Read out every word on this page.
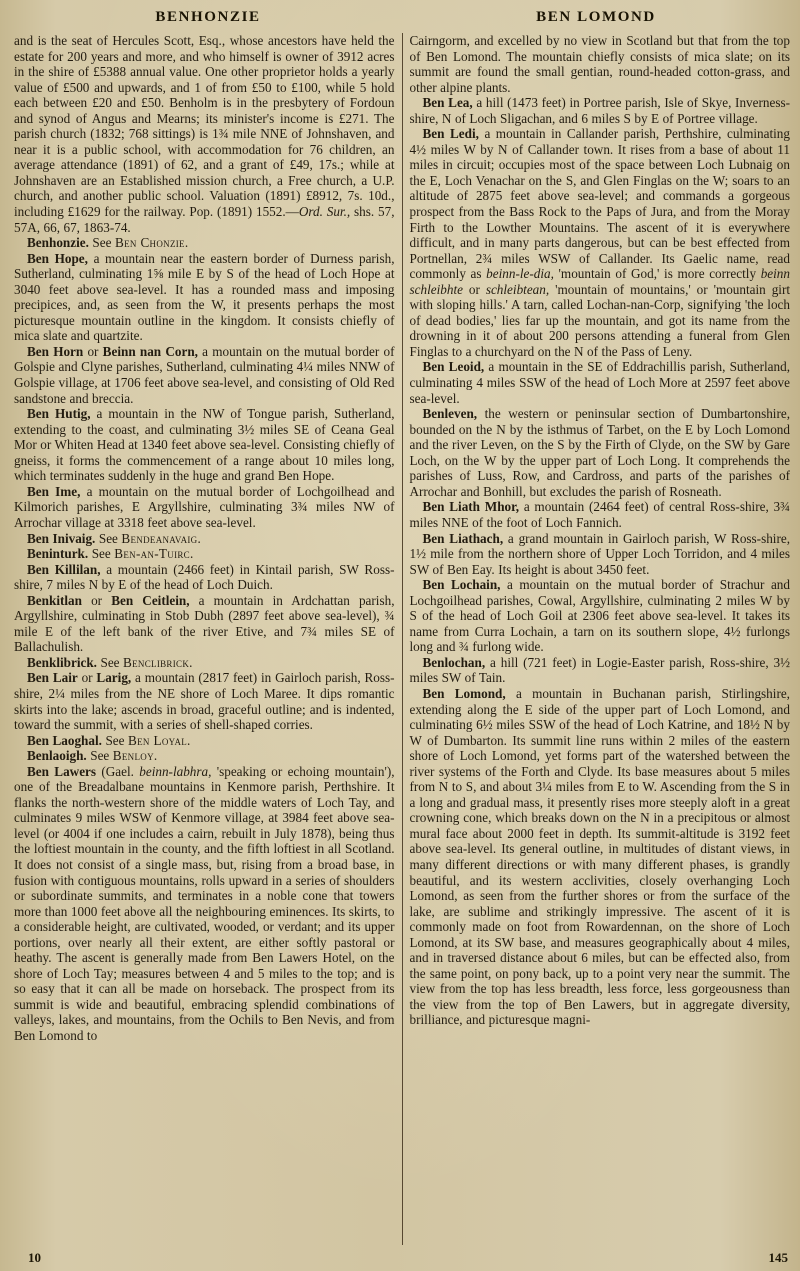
BENHONZIE	BEN LOMOND

and is the seat of Hercules Scott, Esq., whose ancestors have held the estate for 200 years and more, and who himself is owner of 3912 acres in the shire of £5388 annual value. One other proprietor holds a yearly value of £500 and upwards, and 1 of from £50 to £100, while 5 hold each between £20 and £50. Benholm is in the presbytery of Fordoun and synod of Angus and Mearns; its minister's income is £271. The parish church (1832; 768 sittings) is 1¾ mile NNE of Johnshaven, and near it is a public school, with accommodation for 76 children, an average attendance (1891) of 62, and a grant of £49, 17s.; while at Johnshaven are an Established mission church, a Free church, a U.P. church, and another public school. Valuation (1891) £8912, 7s. 10d., including £1629 for the railway. Pop. (1891) 1552.—Ord. Sur., shs. 57, 57A, 66, 67, 1863-74.

Benhonzie. See Ben Chonzie.

Ben Hope, a mountain near the eastern border of Durness parish, Sutherland, culminating 1⅝ mile E by S of the head of Loch Hope at 3040 feet above sea-level. It has a rounded mass and imposing precipices, and, as seen from the W, it presents perhaps the most picturesque mountain outline in the kingdom. It consists chiefly of mica slate and quartzite.

Ben Horn or Beinn nan Corn, a mountain on the mutual border of Golspie and Clyne parishes, Sutherland, culminating 4¼ miles NNW of Golspie village, at 1706 feet above sea-level, and consisting of Old Red sandstone and breccia.

Ben Hutig, a mountain in the NW of Tongue parish, Sutherland, extending to the coast, and culminating 3½ miles SE of Ceana Geal Mor or Whiten Head at 1340 feet above sea-level. Consisting chiefly of gneiss, it forms the commencement of a range about 10 miles long, which terminates suddenly in the huge and grand Ben Hope.

Ben Ime, a mountain on the mutual border of Lochgoilhead and Kilmorich parishes, E Argyllshire, culminating 3¾ miles NW of Arrochar village at 3318 feet above sea-level.

Ben Inivaig. See Bendeanavaig.

Beninturk. See Ben-an-Tuirc.

Ben Killilan, a mountain (2466 feet) in Kintail parish, SW Ross-shire, 7 miles N by E of the head of Loch Duich.

Benkitlan or Ben Ceitlein, a mountain in Ardchattan parish, Argyllshire, culminating in Stob Dubh (2897 feet above sea-level), ¾ mile E of the left bank of the river Etive, and 7¾ miles SE of Ballachulish.

Benklibrick. See Benclibrick.

Ben Lair or Larig, a mountain (2817 feet) in Gairloch parish, Ross-shire, 2¼ miles from the NE shore of Loch Maree. It dips romantic skirts into the lake; ascends in broad, graceful outline; and is indented, toward the summit, with a series of shell-shaped corries.

Ben Laoghal. See Ben Loyal.

Benlaoigh. See Benloy.

Ben Lawers (Gael. beinn-labhra, 'speaking or echoing mountain'), one of the Breadalbane mountains in Kenmore parish, Perthshire. It flanks the north-western shore of the middle waters of Loch Tay, and culminates 9 miles WSW of Kenmore village, at 3984 feet above sea-level (or 4004 if one includes a cairn, rebuilt in July 1878), being thus the loftiest mountain in the county, and the fifth loftiest in all Scotland. It does not consist of a single mass, but, rising from a broad base, in fusion with contiguous mountains, rolls upward in a series of shoulders or subordinate summits, and terminates in a noble cone that towers more than 1000 feet above all the neighbouring eminences. Its skirts, to a considerable height, are cultivated, wooded, or verdant; and its upper portions, over nearly all their extent, are either softly pastoral or heathy. The ascent is generally made from Ben Lawers Hotel, on the shore of Loch Tay; measures between 4 and 5 miles to the top; and is so easy that it can all be made on horseback. The prospect from its summit is wide and beautiful, embracing splendid combinations of valleys, lakes, and mountains, from the Ochils to Ben Nevis, and from Ben Lomond to

Cairngorm, and excelled by no view in Scotland but that from the top of Ben Lomond. The mountain chiefly consists of mica slate; on its summit are found the small gentian, round-headed cotton-grass, and other alpine plants.

Ben Lea, a hill (1473 feet) in Portree parish, Isle of Skye, Inverness-shire, N of Loch Sligachan, and 6 miles S by E of Portree village.

Ben Ledi, a mountain in Callander parish, Perthshire, culminating 4½ miles W by N of Callander town. It rises from a base of about 11 miles in circuit; occupies most of the space between Loch Lubnaig on the E, Loch Venachar on the S, and Glen Finglas on the W; soars to an altitude of 2875 feet above sea-level; and commands a gorgeous prospect from the Bass Rock to the Paps of Jura, and from the Moray Firth to the Lowther Mountains. The ascent of it is everywhere difficult, and in many parts dangerous, but can be best effected from Portnellan, 2¾ miles WSW of Callander. Its Gaelic name, read commonly as beinn-le-dia, 'mountain of God,' is more correctly beinn schleibhte or schleibtean, 'mountain of mountains,' or 'mountain girt with sloping hills.' A tarn, called Lochan-nan-Corp, signifying 'the loch of dead bodies,' lies far up the mountain, and got its name from the drowning in it of about 200 persons attending a funeral from Glen Finglas to a churchyard on the N of the Pass of Leny.

Ben Leoid, a mountain in the SE of Eddrachillis parish, Sutherland, culminating 4 miles SSW of the head of Loch More at 2597 feet above sea-level.

Benleven, the western or peninsular section of Dumbartonshire, bounded on the N by the isthmus of Tarbet, on the E by Loch Lomond and the river Leven, on the S by the Firth of Clyde, on the SW by Gare Loch, on the W by the upper part of Loch Long. It comprehends the parishes of Luss, Row, and Cardross, and parts of the parishes of Arrochar and Bonhill, but excludes the parish of Rosneath.

Ben Liath Mhor, a mountain (2464 feet) of central Ross-shire, 3¾ miles NNE of the foot of Loch Fannich.

Ben Liathach, a grand mountain in Gairloch parish, W Ross-shire, 1½ mile from the northern shore of Upper Loch Torridon, and 4 miles SW of Ben Eay. Its height is about 3450 feet.

Ben Lochain, a mountain on the mutual border of Strachur and Lochgoilhead parishes, Cowal, Argyllshire, culminating 2 miles W by S of the head of Loch Goil at 2306 feet above sea-level. It takes its name from Curra Lochain, a tarn on its southern slope, 4½ furlongs long and ¾ furlong wide.

Benlochan, a hill (721 feet) in Logie-Easter parish, Ross-shire, 3½ miles SW of Tain.

Ben Lomond, a mountain in Buchanan parish, Stirlingshire, extending along the E side of the upper part of Loch Lomond, and culminating 6½ miles SSW of the head of Loch Katrine, and 18½ N by W of Dumbarton. Its summit line runs within 2 miles of the eastern shore of Loch Lomond, yet forms part of the watershed between the river systems of the Forth and Clyde. Its base measures about 5 miles from N to S, and about 3¼ miles from E to W. Ascending from the S in a long and gradual mass, it presently rises more steeply aloft in a great crowning cone, which breaks down on the N in a precipitous or almost mural face about 2000 feet in depth. Its summit-altitude is 3192 feet above sea-level. Its general outline, in multitudes of distant views, in many different directions or with many different phases, is grandly beautiful, and its western acclivities, closely overhanging Loch Lomond, as seen from the further shores or from the surface of the lake, are sublime and strikingly impressive. The ascent of it is commonly made on foot from Rowardennan, on the shore of Loch Lomond, at its SW base, and measures geographically about 4 miles, and in traversed distance about 6 miles, but can be effected also, from the same point, on pony back, up to a point very near the summit. The view from the top has less breadth, less force, less gorgeousness than the view from the top of Ben Lawers, but in aggregate diversity, brilliance, and picturesque magni-

10	145
